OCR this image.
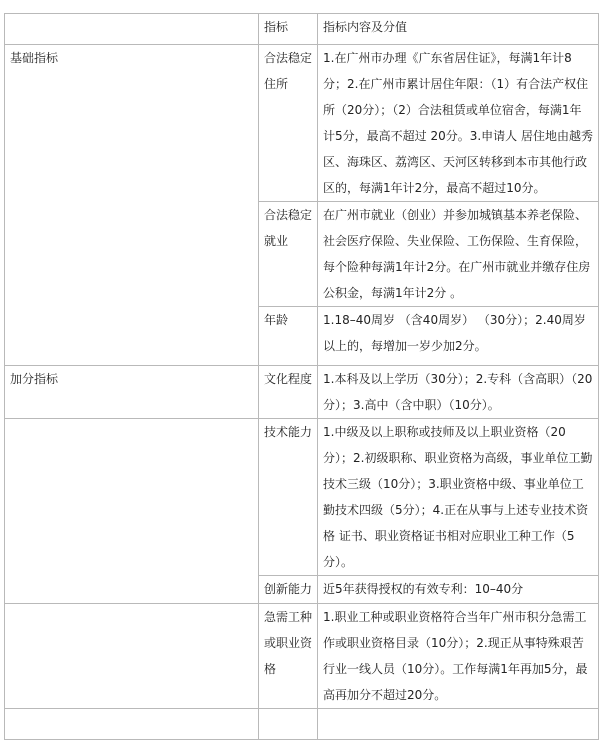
	指标	指标内容及分值
基础指标	合法稳定住所	1.在广州市办理《广东省居住证》，每满1年计8分；2.在广州市累计居住年限：（1）有合法产权住所（20分）；（2）合法租赁或单位宿舍，每满1年计5分，最高不超过 20分。3.申请人 居住地由越秀区、海珠区、荔湾区、天河区转移到本市其他行政区的，每满1年计2分，最高不超过10分。
	合法稳定就业	在广州市就业（创业）并参加城镇基本养老保险、社会医疗保险、失业保险、工伤保险、生育保险，每个险种每满1年计2分。在广州市就业并缴存住房公积金，每满1年计2分 。
	年龄	1.18–40周岁 （含40周岁） （30分）；2.40周岁以上的，每增加一岁少加2分。
加分指标	文化程度	1.本科及以上学历（30分）；2.专科（含高职）（20分）；3.高中（含中职）（10分）。
	技术能力	1.中级及以上职称或技师及以上职业资格（20分）；2.初级职称、职业资格为高级，事业单位工勤技术三级（10分）；3.职业资格中级、事业单位工勤技术四级（5分）；4.正在从事与上述专业技术资格 证书、职业资格证书相对应职业工种工作（5分）。
	创新能力	近5年获得授权的有效专利：10–40分
	急需工种或职业资格	1.职业工种或职业资格符合当年广州市积分急需工作或职业资格目录（10分）；2.现正从事特殊艰苦行业一线人员（10分）。工作每满1年再加5分，最高再加分不超过20分。
